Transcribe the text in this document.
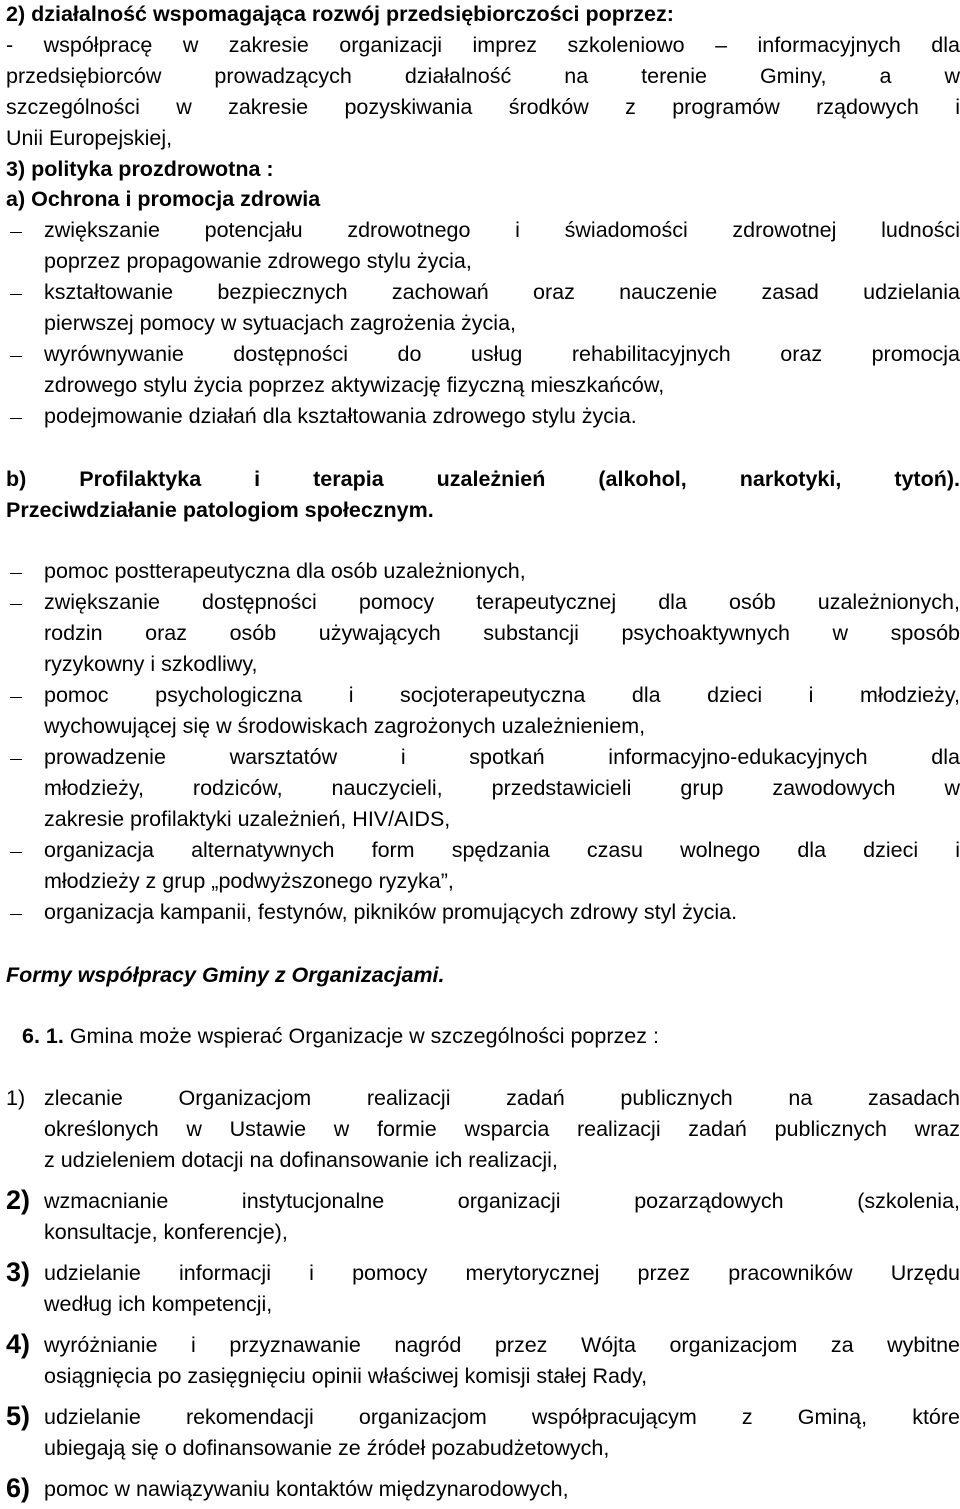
2) działalność wspomagająca rozwój przedsiębiorczości poprzez:
- współpracę w zakresie organizacji imprez szkoleniowo – informacyjnych dla
przedsiębiorców prowadzących działalność na terenie Gminy, a w
szczególności w zakresie pozyskiwania środków z programów rządowych i
Unii Europejskiej,
3) polityka prozdrowotna :
a) Ochrona i promocja zdrowia
zwiększanie potencjału zdrowotnego i świadomości zdrowotnej ludności
poprzez propagowanie zdrowego stylu życia,
kształtowanie bezpiecznych zachowań oraz nauczenie zasad udzielania
pierwszej pomocy w sytuacjach zagrożenia życia,
wyrównywanie dostępności do usług rehabilitacyjnych oraz promocja
zdrowego stylu życia poprzez aktywizację fizyczną mieszkańców,
podejmowanie działań dla kształtowania zdrowego stylu życia.
b) Profilaktyka i terapia uzależnień (alkohol, narkotyki, tytoń).
Przeciwdziałanie patologiom społecznym.
pomoc postterapeutyczna dla osób uzależnionych,
zwiększanie dostępności pomocy terapeutycznej dla osób uzależnionych,
rodzin oraz osób używających substancji psychoaktywnych w sposób
ryzykowny i szkodliwy,
pomoc psychologiczna i socjoterapeutyczna dla dzieci i młodzieży,
wychowującej się w środowiskach zagrożonych uzależnieniem,
prowadzenie warsztatów i spotkań informacyjno-edukacyjnych dla
młodzieży, rodziców, nauczycieli, przedstawicieli grup zawodowych w
zakresie profilaktyki uzależnień, HIV/AIDS,
organizacja alternatywnych form spędzania czasu wolnego dla dzieci i
młodzieży z grup „podwyższonego ryzyka”,
organizacja kampanii, festynów, pikników promujących zdrowy styl życia.
Formy współpracy Gminy z Organizacjami.
6. 1. Gmina może wspierać Organizacje w szczególności poprzez :
1) zlecanie Organizacjom realizacji zadań publicznych na zasadach
określonych w Ustawie w formie wsparcia realizacji zadań publicznych wraz
z udzieleniem dotacji na dofinansowanie ich realizacji,
2) wzmacnianie instytucjonalne organizacji pozarządowych (szkolenia,
konsultacje, konferencje),
3) udzielanie informacji i pomocy merytorycznej przez pracowników Urzędu
według ich kompetencji,
4) wyróżnianie i przyznawanie nagród przez Wójta organizacjom za wybitne
osiągnięcia po zasięgnięciu opinii właściwej komisji stałej Rady,
5) udzielanie rekomendacji organizacjom współpracującym z Gminą, które
ubiegają się o dofinansowanie ze źródeł pozabudżetowych,
6) pomoc w nawiązywaniu kontaktów międzynarodowych,
